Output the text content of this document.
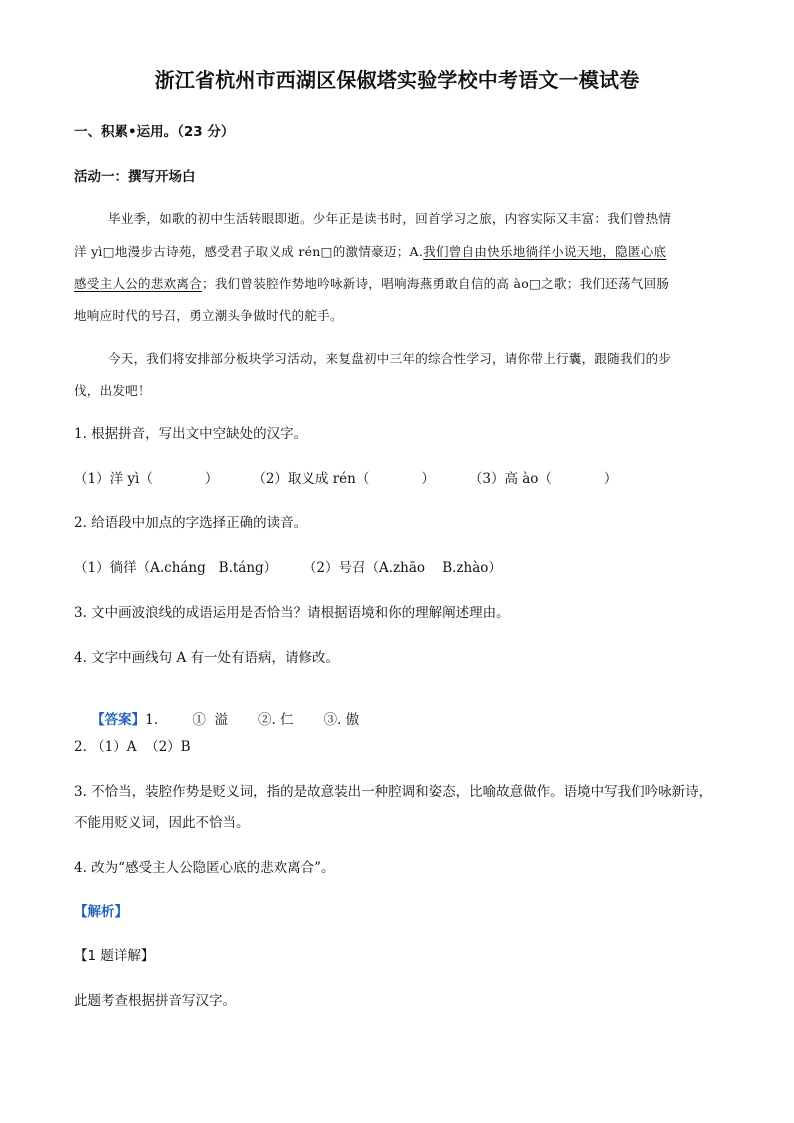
浙江省杭州市西湖区保俶塔实验学校中考语文一模试卷
一、积累•运用。（23 分）
活动一：撰写开场白
毕业季，如歌的初中生活转眼即逝。少年正是读书时，回首学习之旅，内容实际又丰富：我们曾热情
洋 yì□地漫步古诗苑，感受君子取义成 rén□的激情豪迈；A.我们曾自由快乐地徜徉小说天地，隐匿心底
感受主人公的悲欢离合；我们曾装腔作势地吟咏新诗，唱响海燕勇敢自信的高 ào□之歌；我们还荡气回肠
地响应时代的号召，勇立潮头争做时代的舵手。
今天，我们将安排部分板块学习活动，来复盘初中三年的综合性学习，请你带上行囊，跟随我们的步
伐，出发吧！
1. 根据拼音，写出文中空缺处的汉字。
（1）洋 yì（	）	（2）取义成 rén（	）	（3）高 ào（	）
2. 给语段中加点的字选择正确的读音。
（1）徜徉（A.cháng   B.táng）      （2）号召（A.zhāo    B.zhào）
3. 文中画波浪线的成语运用是否恰当？请根据语境和你的理解阐述理由。
4. 文字中画线句 A 有一处有语病，请修改。

【答案】1.        ①  溢       ②. 仁       ③. 傲

2. （1）A  （2）B
3. 不恰当，装腔作势是贬义词，指的是故意装出一种腔调和姿态，比喻故意做作。语境中写我们吟咏新诗，
不能用贬义词，因此不恰当。
4. 改为“感受主人公隐匿心底的悲欢离合”。
【解析】
【1 题详解】
此题考查根据拼音写汉字。
